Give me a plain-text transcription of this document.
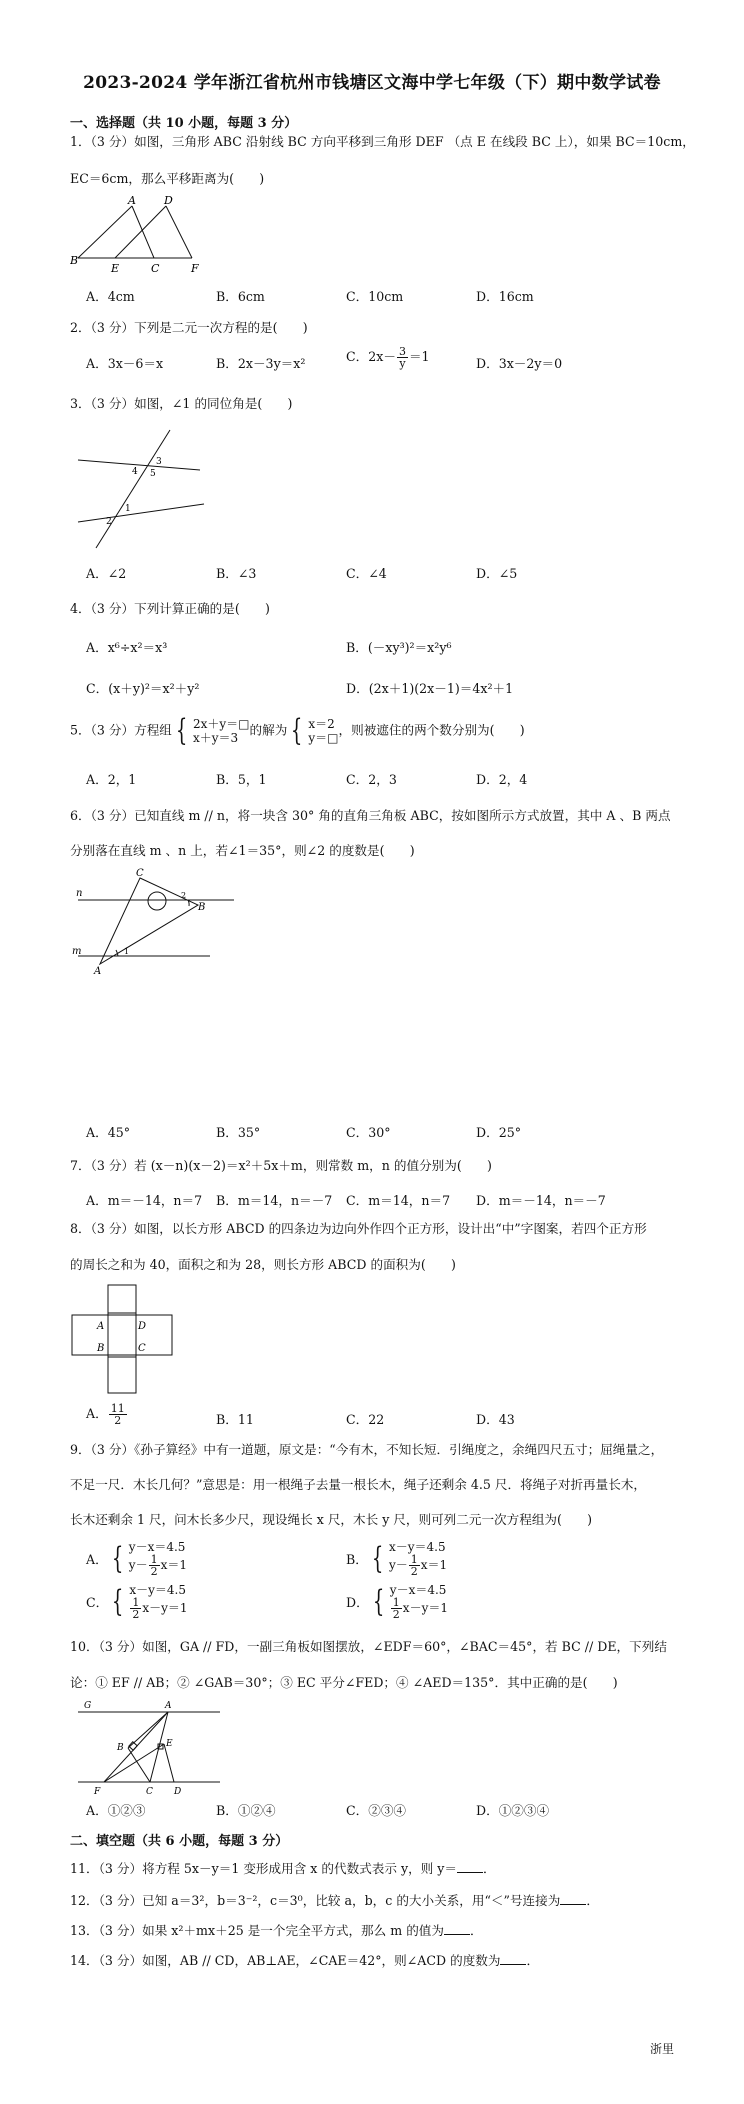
2023-2024 学年浙江省杭州市钱塘区文海中学七年级（下）期中数学试卷
一、选择题（共 10 小题，每题 3 分）
1．（3 分）如图，三角形 ABC 沿射线 BC 方向平移到三角形 DEF （点 E 在线段 BC 上），如果 BC＝10cm，
EC＝6cm，那么平移距离为(　　)
A	D
B
E	C	F
A．4cm	B．6cm	C．10cm	D．16cm
2．（3 分）下列是二元一次方程的是(　　)
A．3x－6＝x	B．2x－3y＝x²	C．$2x- \frac{3}{y} =1$	D．3x－2y＝0
3．（3 分）如图，∠1 的同位角是(　　)
3
4 5
1
2
A．∠2	B．∠3	C．∠4	D．∠5
4．（3 分）下列计算正确的是(　　)
A．x⁶÷x²＝x³	B．(－xy³)²＝x²y⁶
C．(x＋y)²＝x²＋y²	D．(2x＋1)(2x－1)＝4x²＋1
5．（3 分）方程组 { 2x＋y＝□
x＋y＝3
的解为 { x＝2
y＝□
，则被遮住的两个数分别为(　　)
A．2，1	B．5，1	C．2，3	D．2，4
6．（3 分）已知直线 m // n，将一块含 30° 角的直角三角板 ABC，按如图所示方式放置，其中 A 、B 两点
分别落在直线 m 、n 上，若∠1＝35°，则∠2 的度数是(　　)
C
n	2
B
m	1
A
A．45°	B．35°	C．30°	D．25°
7．（3 分）若 (x－n)(x－2)＝x²＋5x＋m，则常数 m，n 的值分别为(　　)
A．m＝－14，n＝7 B．m＝14，n＝－7 C．m＝14，n＝7 D．m＝－14，n＝－7
8．（3 分）如图，以长方形 ABCD 的四条边为边向外作四个正方形，设计出“中”字图案，若四个正方形
的周长之和为 40，面积之和为 28，则长方形 ABCD 的面积为(　　)
A	D
B	C
A． $\frac{11}{2}$	B．11	C．22	D．43
9．（3 分）《孙子算经》中有一道题，原文是：“今有木，不知长短．引绳度之，余绳四尺五寸；屈绳量之，
不足一尺．木长几何？”意思是：用一根绳子去量一根长木，绳子还剩余 4.5 尺．将绳子对折再量长木，
长木还剩余 1 尺，问木长多少尺，现设绳长 x 尺，木长 y 尺，则可列二元一次方程组为(　　)
A． { y－x＝4.5
$y- \frac{1}{2} x=1$	B． { x－y＝4.5
$y- \frac{1}{2} x=1$
C． { x－y＝4.5
$\frac{1}{2} x-y=1$	D． { y－x＝4.5
$\frac{1}{2} x-y=1$
10．（3 分）如图，GA // FD，一副三角板如图摆放，∠EDF＝60°，∠BAC＝45°，若 BC // DE，下列结
论：① EF // AB；② ∠GAB＝30°；③ EC 平分∠FED；④ ∠AED＝135°．其中正确的是(　　)
G	A
B	E
F	C D
A．①②③	B．①②④	C．②③④	D．①②③④
二、填空题（共 6 小题，每题 3 分）
11．（3 分）将方程 5x－y＝1 变形成用含 x 的代数式表示 y，则 y＝ ．
12．（3 分）已知 a＝3²，b＝3⁻²，c＝3⁰，比较 a，b，c 的大小关系，用“＜”号连接为 ．
13．（3 分）如果 x²＋mx＋25 是一个完全平方式，那么 m 的值为 ．
14．（3 分）如图，AB // CD，AB⊥AE，∠CAE＝42°，则∠ACD 的度数为 ．
浙里
